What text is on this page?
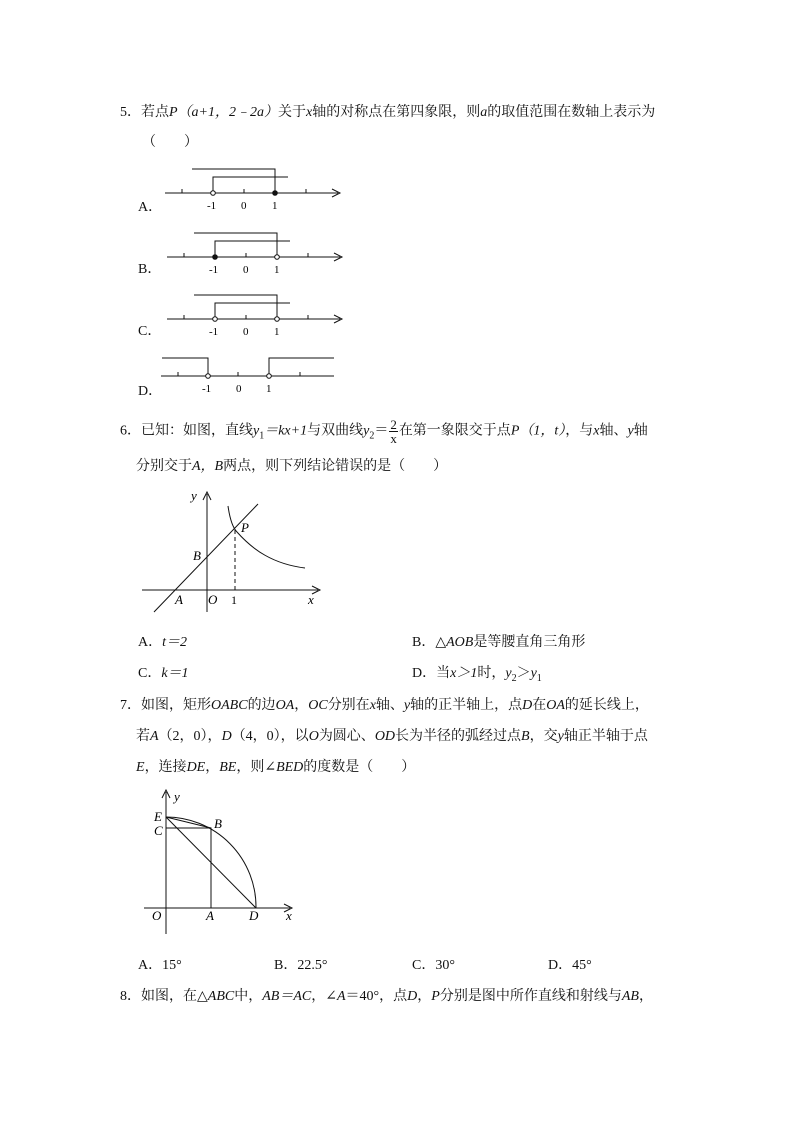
5．若点P（a+1，2﹣2a）关于x轴的对称点在第四象限，则a的取值范围在数轴上表示为
（　　）
A．	-1 0 1
B．	-1 0 1
C．	-1 0 1
D．	-1 0 1
6．已知：如图，直线$y_1=kx+1$与双曲线$y_2= \frac{2}{x}$ 在第一象限交于点P（1，t），与x轴、y轴
分别交于A，B两点，则下列结论错误的是（　　）
y
P
B
A O 1	x
A．t＝2	B．△AOB是等腰直角三角形
C．k＝1	D．当x＞1时，$y_2>y_1$
7．如图，矩形OABC的边OA，OC分别在x轴、y轴的正半轴上，点D在OA的延长线上，
若A（2，0），D（4，0），以O为圆心、OD长为半径的弧经过点B，交y轴正半轴于点
E，连接DE，BE，则∠BED的度数是（　　）
y
E
C	B
O	A	D x
A．15°	B．22.5°	C．30°	D．45°
8．如图，在△ABC中，AB＝AC，∠A＝40°，点D，P分别是图中所作直线和射线与AB，
